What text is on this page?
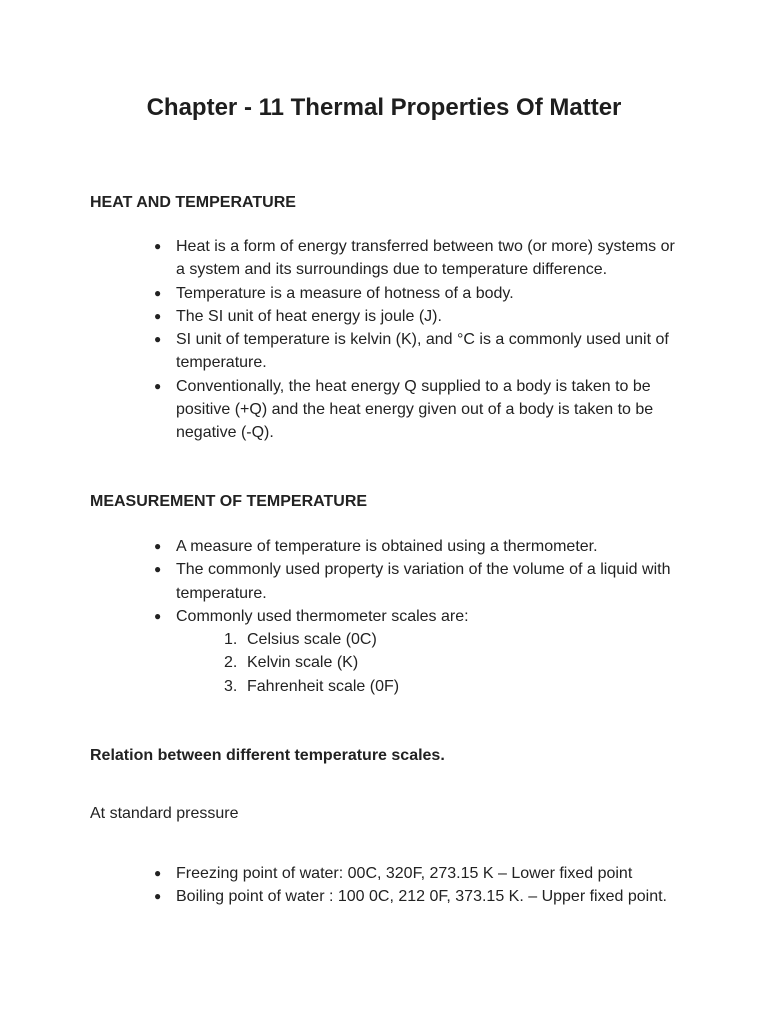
Chapter - 11 Thermal Properties Of Matter
HEAT AND TEMPERATURE
● Heat is a form of energy transferred between two (or more) systems or a system and its surroundings due to temperature difference.
● Temperature is a measure of hotness of a body.
● The SI unit of heat energy is joule (J).
● SI unit of temperature is kelvin (K), and °C is a commonly used unit of temperature.
● Conventionally, the heat energy Q supplied to a body is taken to be positive (+Q) and the heat energy given out of a body is taken to be negative (-Q).
MEASUREMENT OF TEMPERATURE
● A measure of temperature is obtained using a thermometer.
● The commonly used property is variation of the volume of a liquid with temperature.
● Commonly used thermometer scales are:
1. Celsius scale (0C)
2. Kelvin scale (K)
3. Fahrenheit scale (0F)
Relation between different temperature scales.

At standard pressure

● Freezing point of water: 00C, 320F, 273.15 K – Lower fixed point
● Boiling point of water : 100 0C, 212 0F, 373.15 K. – Upper fixed point.
